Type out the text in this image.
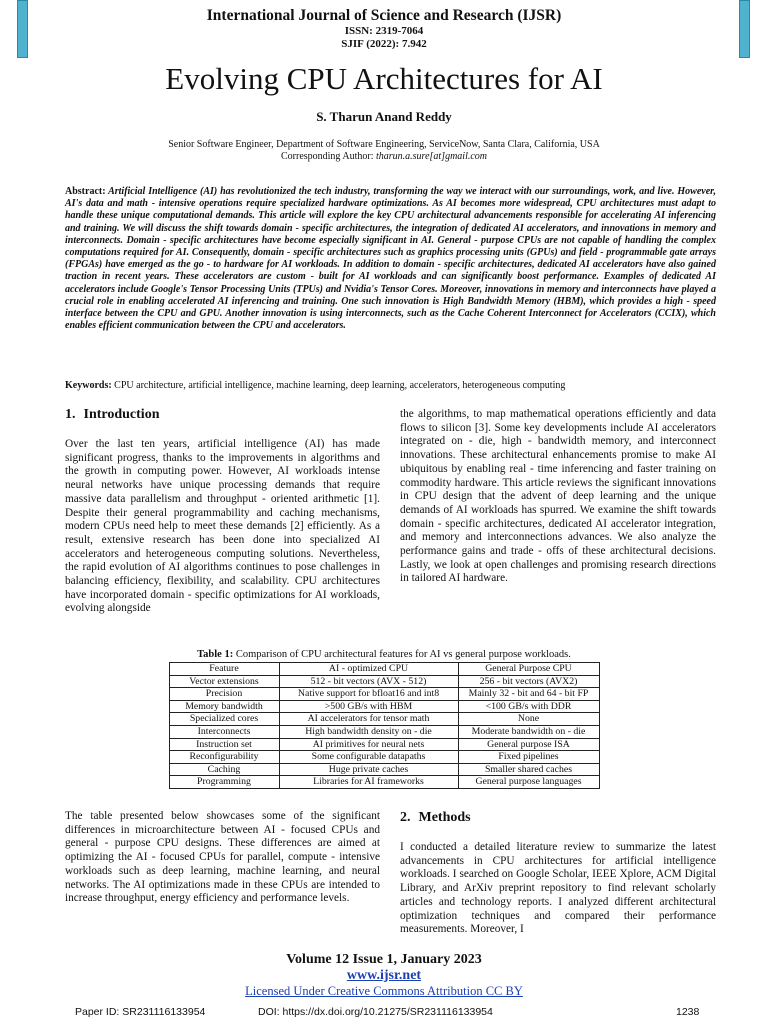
International Journal of Science and Research (IJSR)
ISSN: 2319-7064
SJIF (2022): 7.942
Evolving CPU Architectures for AI
S. Tharun Anand Reddy
Senior Software Engineer, Department of Software Engineering, ServiceNow, Santa Clara, California, USA
Corresponding Author: tharun.a.sure[at]gmail.com
Abstract: Artificial Intelligence (AI) has revolutionized the tech industry, transforming the way we interact with our surroundings, work, and live. However, AI's data and math - intensive operations require specialized hardware optimizations. As AI becomes more widespread, CPU architectures must adapt to handle these unique computational demands. This article will explore the key CPU architectural advancements responsible for accelerating AI inferencing and training. We will discuss the shift towards domain - specific architectures, the integration of dedicated AI accelerators, and innovations in memory and interconnects. Domain - specific architectures have become especially significant in AI. General - purpose CPUs are not capable of handling the complex computations required for AI. Consequently, domain - specific architectures such as graphics processing units (GPUs) and field - programmable gate arrays (FPGAs) have emerged as the go - to hardware for AI workloads. In addition to domain - specific architectures, dedicated AI accelerators have also gained traction in recent years. These accelerators are custom - built for AI workloads and can significantly boost performance. Examples of dedicated AI accelerators include Google's Tensor Processing Units (TPUs) and Nvidia's Tensor Cores. Moreover, innovations in memory and interconnects have played a crucial role in enabling accelerated AI inferencing and training. One such innovation is High Bandwidth Memory (HBM), which provides a high - speed interface between the CPU and GPU. Another innovation is using interconnects, such as the Cache Coherent Interconnect for Accelerators (CCIX), which enables efficient communication between the CPU and accelerators.
Keywords: CPU architecture, artificial intelligence, machine learning, deep learning, accelerators, heterogeneous computing
1. Introduction

Over the last ten years, artificial intelligence (AI) has made significant progress, thanks to the improvements in algorithms and the growth in computing power. However, AI workloads intense neural networks have unique processing demands that require massive data parallelism and throughput - oriented arithmetic [1]. Despite their general programmability and caching mechanisms, modern CPUs need help to meet these demands [2] efficiently. As a result, extensive research has been done into specialized AI accelerators and heterogeneous computing solutions. Nevertheless, the rapid evolution of AI algorithms continues to pose challenges in balancing efficiency, flexibility, and scalability. CPU architectures have incorporated domain - specific optimizations for AI workloads, evolving alongside

the algorithms, to map mathematical operations efficiently and data flows to silicon [3]. Some key developments include AI accelerators integrated on - die, high - bandwidth memory, and interconnect innovations. These architectural enhancements promise to make AI ubiquitous by enabling real - time inferencing and faster training on commodity hardware. This article reviews the significant innovations in CPU design that the advent of deep learning and the unique demands of AI workloads has spurred. We examine the shift towards domain - specific architectures, dedicated AI accelerator integration, and memory and interconnections advances. We also analyze the performance gains and trade - offs of these architectural decisions. Lastly, we look at open challenges and promising research directions in tailored AI hardware.

Table 1: Comparison of CPU architectural features for AI vs general purpose workloads.
Feature	AI - optimized CPU	General Purpose CPU
Vector extensions	512 - bit vectors (AVX - 512)	256 - bit vectors (AVX2)
Precision	Native support for bfloat16 and int8	Mainly 32 - bit and 64 - bit FP
Memory bandwidth	>500 GB/s with HBM	<100 GB/s with DDR
Specialized cores	AI accelerators for tensor math	None
Interconnects	High bandwidth density on - die	Moderate bandwidth on - die
Instruction set	AI primitives for neural nets	General purpose ISA
Reconfigurability	Some configurable datapaths	Fixed pipelines
Caching	Huge private caches	Smaller shared caches
Programming	Libraries for AI frameworks	General purpose languages

The table presented below showcases some of the significant differences in microarchitecture between AI - focused CPUs and general - purpose CPU designs. These differences are aimed at optimizing the AI - focused CPUs for parallel, compute - intensive workloads such as deep learning, machine learning, and neural networks. The AI optimizations made in these CPUs are intended to increase throughput, energy efficiency and performance levels.

2. Methods

I conducted a detailed literature review to summarize the latest advancements in CPU architectures for artificial intelligence workloads. I searched on Google Scholar, IEEE Xplore, ACM Digital Library, and ArXiv preprint repository to find relevant scholarly articles and technology reports. I analyzed different architectural optimization techniques and compared their performance measurements. Moreover, I

Volume 12 Issue 1, January 2023
www.ijsr.net
Licensed Under Creative Commons Attribution CC BY
Paper ID: SR231116133954	DOI: https://dx.doi.org/10.21275/SR231116133954	1238
